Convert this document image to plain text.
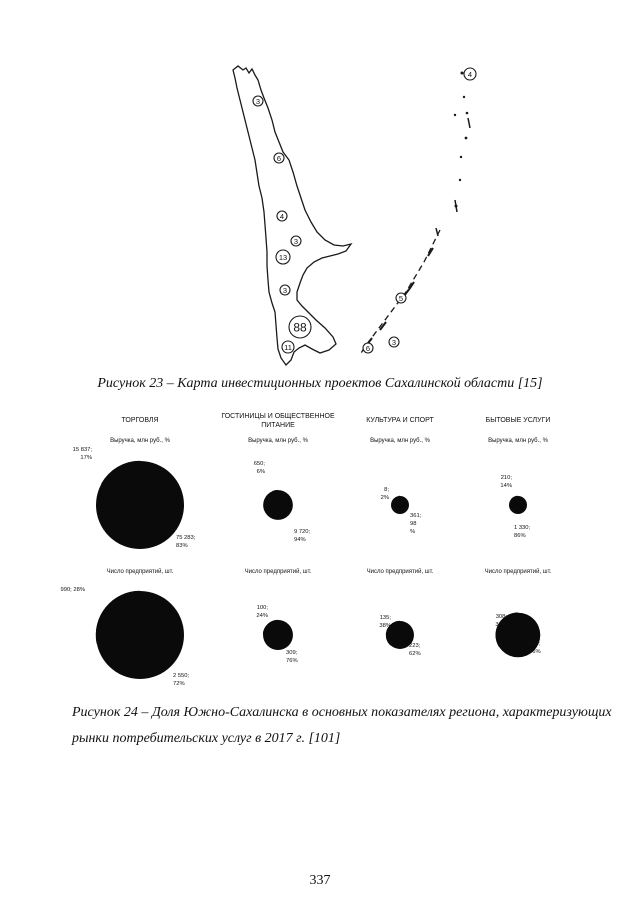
3
6
4
3
13
3
88
11
4
5
6
3

Рисунок 23 – Карта инвестиционных проектов Сахалинской области [15]

ТОРГОВЛЯ
Выручка, млн руб., %
15 837;
17%
75 283;
83%
Число предприятий, шт.
990; 28%
2 550;
72%
ГОСТИНИЦЫ И ОБЩЕСТВЕННОЕ
ПИТАНИЕ
Выручка, млн руб., %
650;
6%
9 720;
94%
Число предприятий, шт.
100;
24%
309;
76%
КУЛЬТУРА И СПОРТ
Выручка, млн руб., %
8;
2%
361;
98
%
Число предприятий, шт.
135;
38%
223;
62%
БЫТОВЫЕ УСЛУГИ
Выручка, млн руб., %
210;
14%
1 330;
86%
Число предприятий, шт.
308;
34%
600;
66%

Рисунок 24 – Доля Южно-Сахалинска в основных показателях региона, характеризующих

рынки потребительских услуг в 2017 г. [101]

337
